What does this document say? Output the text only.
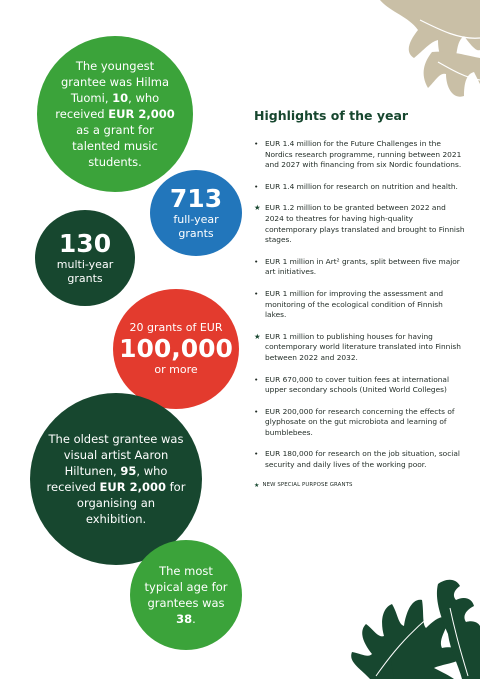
The youngest grantee was Hilma Tuomi, 10, who received EUR 2,000 as a grant for talented music students.

713

full-year grants

130

multi-year grants

20 grants of EUR

100,000

or more

The oldest grantee was visual artist Aaron Hiltunen, 95, who received EUR 2,000 for organising an exhibition.

The most typical age for grantees was 38.

Highlights of the year
• EUR 1.4 million for the Future Challenges in the Nordics research programme, running between 2021 and 2027 with financing from six Nordic foundations.
• EUR 1.4 million for research on nutrition and health.
★ EUR 1.2 million to be granted between 2022 and 2024 to theatres for having high-quality contemporary plays translated and brought to Finnish stages.
• EUR 1 million in Art² grants, split between five major art initiatives.
• EUR 1 million for improving the assessment and monitoring of the ecological condition of Finnish lakes.
★ EUR 1 million to publishing houses for having contemporary world literature translated into Finnish between 2022 and 2032.
• EUR 670,000 to cover tuition fees at international upper secondary schools (United World Colleges)
• EUR 200,000 for research concerning the effects of glyphosate on the gut microbiota and learning of bumblebees.
• EUR 180,000 for research on the job situation, social security and daily lives of the working poor.
★ NEW SPECIAL PURPOSE GRANTS
